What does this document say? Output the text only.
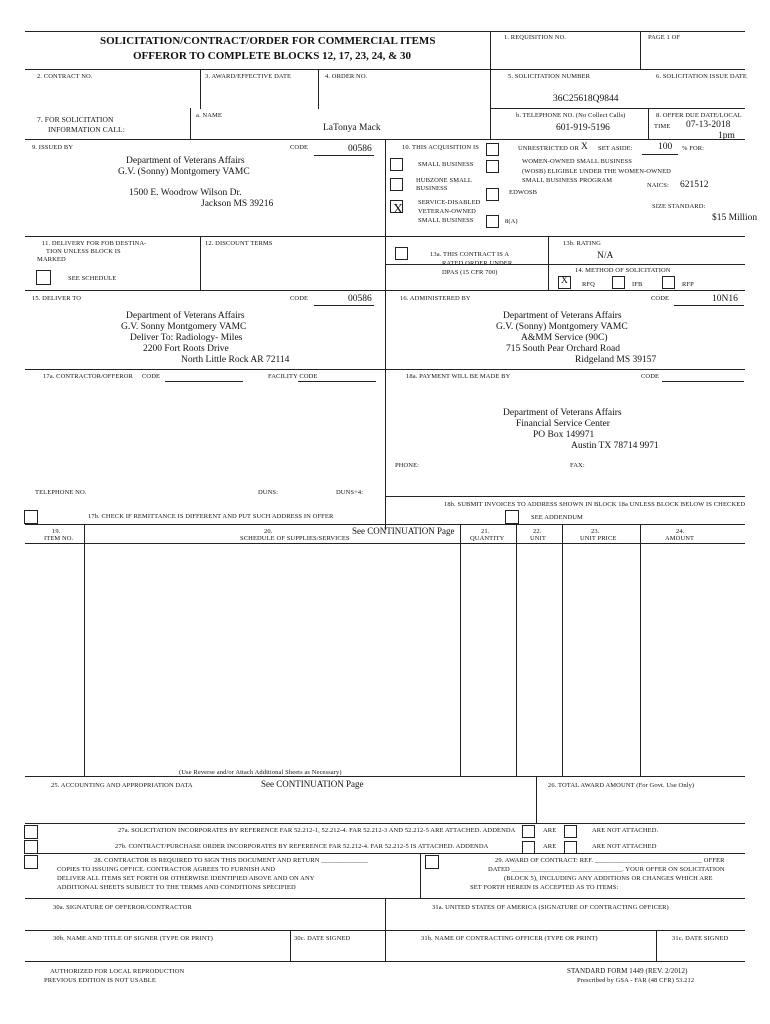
SOLICITATION/CONTRACT/ORDER FOR COMMERCIAL ITEMS
OFFEROR TO COMPLETE BLOCKS 12, 17, 23, 24, & 30
1. REQUISITION NO.	PAGE 1 OF
2. CONTRACT NO.	3. AWARD/EFFECTIVE DATE	4. ORDER NO.	5. SOLICITATION NUMBER	6. SOLICITATION ISSUE DATE
36C25618Q9844
7. FOR SOLICITATION
INFORMATION CALL:
a. NAME
LaTonya Mack
b. TELEPHONE NO. (No Collect Calls)
601-919-5196
8. OFFER DUE DATE/LOCAL
TIME 07-13-2018
1pm
9. ISSUED BY	CODE	00586
Department of Veterans Affairs
G.V. (Sonny) Montgomery VAMC
1500 E. Woodrow Wilson Dr.
Jackson MS 39216
10. THIS ACQUISITION IS
SMALL BUSINESS
HUBZONE SMALL
BUSINESS
X SERVICE-DISABLED
VETERAN-OWNED
SMALL BUSINESS
UNRESTRICTED OR X SET ASIDE:	100 % FOR:
WOMEN-OWNED SMALL BUSINESS
(WOSB) ELIGIBLE UNDER THE WOMEN-OWNED
SMALL BUSINESS PROGRAM
EDWOSB
8(A)
NAICS: 621512
SIZE STANDARD:
$15 Million
11. DELIVERY FOR FOB DESTINA-
TION UNLESS BLOCK IS
MARKED
SEE SCHEDULE
12. DISCOUNT TERMS
13a. THIS CONTRACT IS A
RATED ORDER UNDER
DPAS (15 CFR 700)
13b. RATING
N/A
14. METHOD OF SOLICITATION
X RFQ	IFB	RFP
15. DELIVER TO	CODE	00586
Department of Veterans Affairs
G.V. Sonny Montgomery VAMC
Deliver To: Radiology- Miles
2200 Fort Roots Drive
North Little Rock AR 72114
16. ADMINISTERED BY	CODE	10N16
Department of Veterans Affairs
G.V. (Sonny) Montgomery VAMC
A&MM Service (90C)
715 South Pear Orchard Road
Ridgeland MS 39157
17a. CONTRACTOR/OFFEROR CODE	FACILITY CODE
TELEPHONE NO.	DUNS:	DUNS+4:
17b. CHECK IF REMITTANCE IS DIFFERENT AND PUT SUCH ADDRESS IN OFFER
18a. PAYMENT WILL BE MADE BY	CODE
Department of Veterans Affairs
Financial Service Center
PO Box 149971
Austin TX 78714 9971
PHONE:	FAX:
18b. SUBMIT INVOICES TO ADDRESS SHOWN IN BLOCK 18a UNLESS BLOCK BELOW IS CHECKED
SEE ADDENDUM
19.
ITEM NO.
20.
SCHEDULE OF SUPPLIES/SERVICES
See CONTINUATION Page	21.
QUANTITY
22.
UNIT
23.
UNIT PRICE
24.
AMOUNT
(Use Reverse and/or Attach Additional Sheets as Necessary)
25. ACCOUNTING AND APPROPRIATION DATA	See CONTINUATION Page	26. TOTAL AWARD AMOUNT (For Govt. Use Only)
27a. SOLICITATION INCORPORATES BY REFERENCE FAR 52.212-1, 52.212-4. FAR 52.212-3 AND 52.212-5 ARE ATTACHED. ADDENDA	ARE	ARE NOT ATTACHED.
27b. CONTRACT/PURCHASE ORDER INCORPORATES BY REFERENCE FAR 52.212-4. FAR 52.212-5 IS ATTACHED. ADDENDA	ARE	ARE NOT ATTACHED
28. CONTRACTOR IS REQUIRED TO SIGN THIS DOCUMENT AND RETURN ______________
COPIES TO ISSUING OFFICE. CONTRACTOR AGREES TO FURNISH AND
DELIVER ALL ITEMS SET FORTH OR OTHERWISE IDENTIFIED ABOVE AND ON ANY
ADDITIONAL SHEETS SUBJECT TO THE TERMS AND CONDITIONS SPECIFIED
29. AWARD OF CONTRACT: REF. ________________________________ OFFER
DATED _________________________________. YOUR OFFER ON SOLICITATION
(BLOCK 5), INCLUDING ANY ADDITIONS OR CHANGES WHICH ARE
SET FORTH HEREIN IS ACCEPTED AS TO ITEMS:
30a. SIGNATURE OF OFFEROR/CONTRACTOR	31a. UNITED STATES OF AMERICA (SIGNATURE OF CONTRACTING OFFICER)
30b. NAME AND TITLE OF SIGNER (TYPE OR PRINT)	30c. DATE SIGNED	31b. NAME OF CONTRACTING OFFICER (TYPE OR PRINT)	31c. DATE SIGNED
AUTHORIZED FOR LOCAL REPRODUCTION
PREVIOUS EDITION IS NOT USABLE
STANDARD FORM 1449 (REV. 2/2012)
Prescribed by GSA - FAR (48 CFR) 53.212
